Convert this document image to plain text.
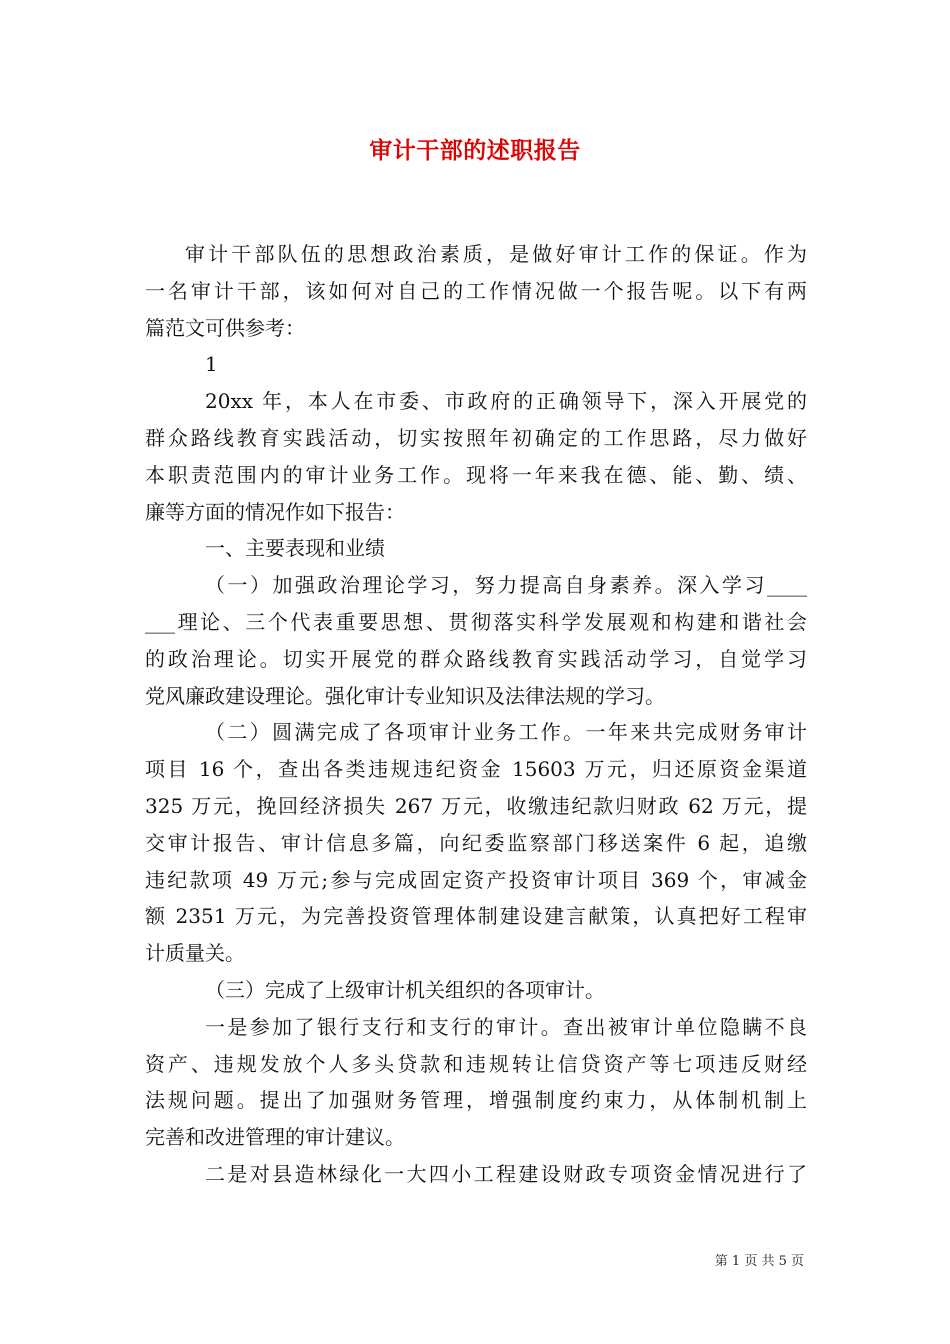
审计干部的述职报告
审计干部队伍的思想政治素质，是做好审计工作的保证。作为
一名审计干部，该如何对自己的工作情况做一个报告呢。以下有两
篇范文可供参考：
1
20xx 年，本人在市委、市政府的正确领导下，深入开展党的
群众路线教育实践活动，切实按照年初确定的工作思路，尽力做好
本职责范围内的审计业务工作。现将一年来我在德、能、勤、绩、
廉等方面的情况作如下报告：
一、主要表现和业绩
（一）加强政治理论学习，努力提高自身素养。深入学习____
___理论、三个代表重要思想、贯彻落实科学发展观和构建和谐社会
的政治理论。切实开展党的群众路线教育实践活动学习，自觉学习
党风廉政建设理论。强化审计专业知识及法律法规的学习。
（二）圆满完成了各项审计业务工作。一年来共完成财务审计
项目 16 个，查出各类违规违纪资金 15603 万元，归还原资金渠道
325 万元，挽回经济损失 267 万元，收缴违纪款归财政 62 万元，提
交审计报告、审计信息多篇，向纪委监察部门移送案件 6 起，追缴
违纪款项 49 万元;参与完成固定资产投资审计项目 369 个，审减金
额 2351 万元，为完善投资管理体制建设建言献策，认真把好工程审
计质量关。
（三）完成了上级审计机关组织的各项审计。
一是参加了银行支行和支行的审计。查出被审计单位隐瞒不良
资产、违规发放个人多头贷款和违规转让信贷资产等七项违反财经
法规问题。提出了加强财务管理，增强制度约束力，从体制机制上
完善和改进管理的审计建议。
二是对县造林绿化一大四小工程建设财政专项资金情况进行了
第 1 页 共 5 页
